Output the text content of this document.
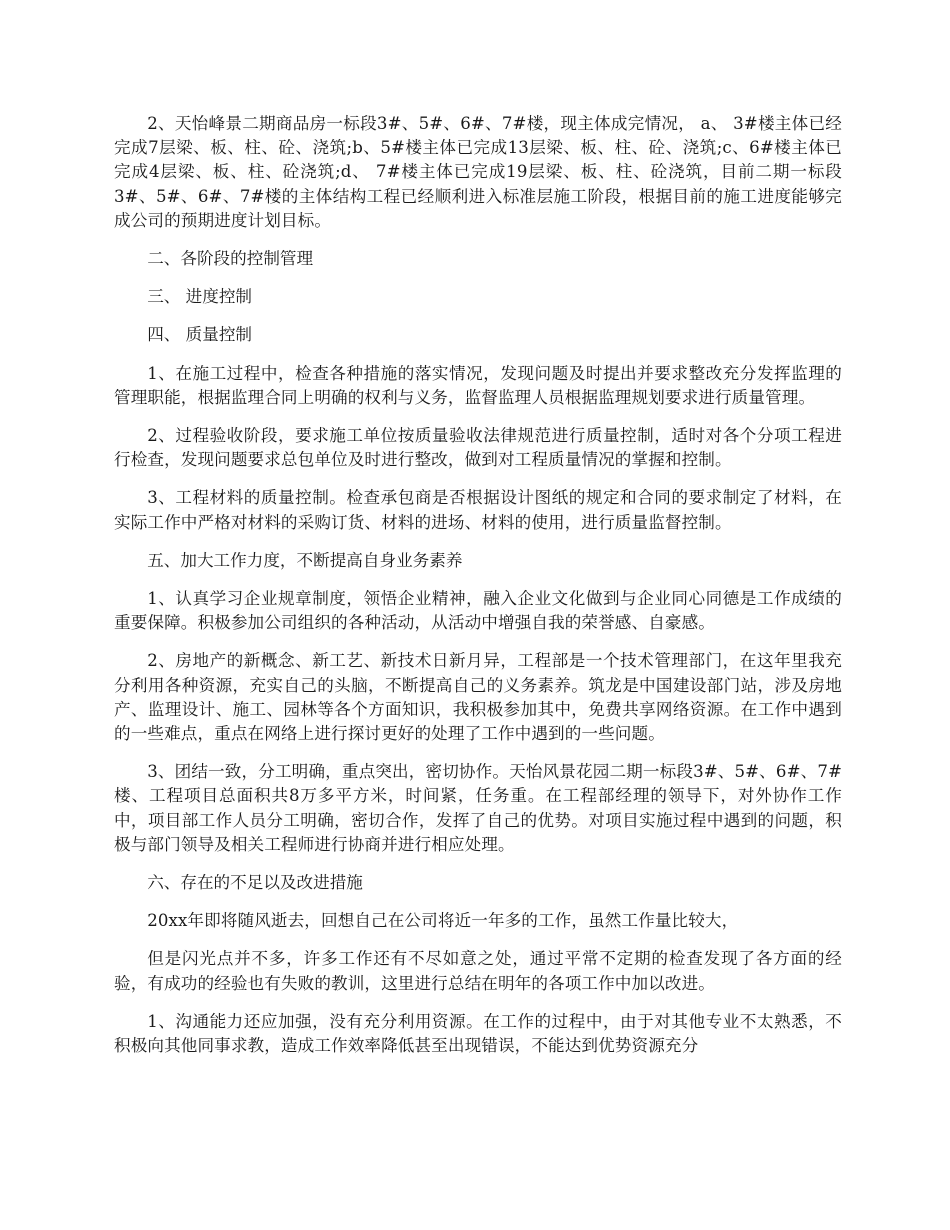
2、天怡峰景二期商品房一标段3#、5#、6#、7#楼，现主体成完情况， a、 3#楼主体已经完成7层梁、板、柱、砼、浇筑;b、5#楼主体已完成13层梁、板、柱、砼、浇筑;c、6#楼主体已完成4层梁、板、柱、砼浇筑;d、 7#楼主体已完成19层梁、板、柱、砼浇筑，目前二期一标段3#、5#、6#、7#楼的主体结构工程已经顺利进入标准层施工阶段，根据目前的施工进度能够完成公司的预期进度计划目标。

二、各阶段的控制管理

三、 进度控制

四、 质量控制

1、在施工过程中，检查各种措施的落实情况，发现问题及时提出并要求整改充分发挥监理的管理职能，根据监理合同上明确的权利与义务，监督监理人员根据监理规划要求进行质量管理。

2、过程验收阶段，要求施工单位按质量验收法律规范进行质量控制，适时对各个分项工程进行检查，发现问题要求总包单位及时进行整改，做到对工程质量情况的掌握和控制。

3、工程材料的质量控制。检查承包商是否根据设计图纸的规定和合同的要求制定了材料，在实际工作中严格对材料的采购订货、材料的进场、材料的使用，进行质量监督控制。

五、加大工作力度，不断提高自身业务素养

1、认真学习企业规章制度，领悟企业精神，融入企业文化做到与企业同心同德是工作成绩的重要保障。积极参加公司组织的各种活动，从活动中增强自我的荣誉感、自豪感。

2、房地产的新概念、新工艺、新技术日新月异，工程部是一个技术管理部门，在这年里我充分利用各种资源，充实自己的头脑，不断提高自己的义务素养。筑龙是中国建设部门站，涉及房地产、监理设计、施工、园林等各个方面知识，我积极参加其中，免费共享网络资源。在工作中遇到的一些难点，重点在网络上进行探讨更好的处理了工作中遇到的一些问题。

3、团结一致，分工明确，重点突出，密切协作。天怡风景花园二期一标段3#、5#、6#、7#楼、工程项目总面积共8万多平方米，时间紧，任务重。在工程部经理的领导下，对外协作工作中，项目部工作人员分工明确，密切合作，发挥了自己的优势。对项目实施过程中遇到的问题，积极与部门领导及相关工程师进行协商并进行相应处理。

六、存在的不足以及改进措施

20xx年即将随风逝去，回想自己在公司将近一年多的工作，虽然工作量比较大，

但是闪光点并不多，许多工作还有不尽如意之处，通过平常不定期的检查发现了各方面的经验，有成功的经验也有失败的教训，这里进行总结在明年的各项工作中加以改进。

1、沟通能力还应加强，没有充分利用资源。在工作的过程中，由于对其他专业不太熟悉，不积极向其他同事求教，造成工作效率降低甚至出现错误，不能达到优势资源充分
